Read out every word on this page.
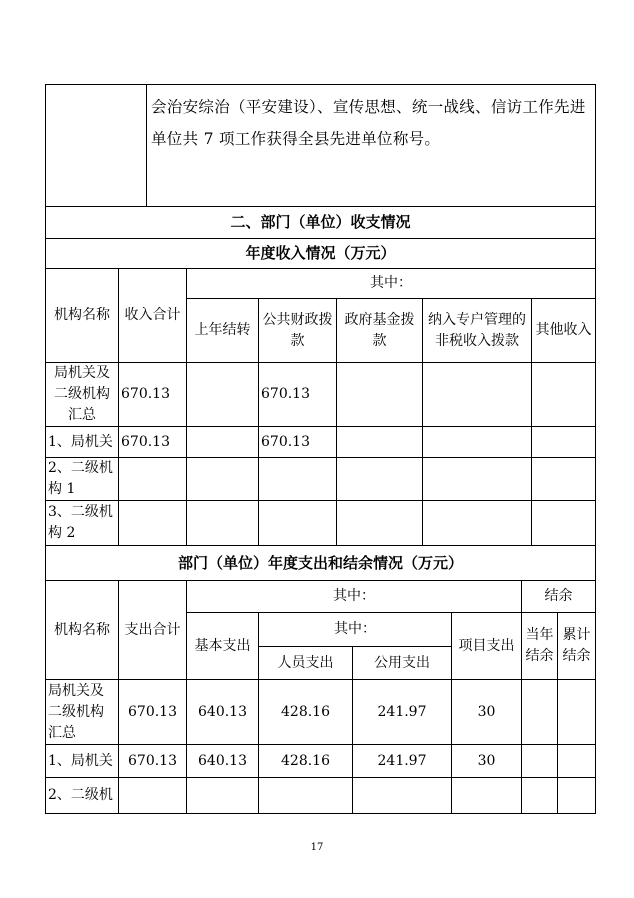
会治安综治（平安建设）、宣传思想、统一战线、信访工作先进
单位共 7 项工作获得全县先进单位称号。
二、部门（单位）收支情况						
年度收入情况（万元）						
机构名称	收入合计	其中：				
		上年结转	公共财政拨款	政府基金拨款	纳入专户管理的非税收入拨款	其他收入
局机关及二级机构汇总	670.13		670.13			
1、局机关	670.13		670.13			
2、二级机构 1						
3、二级机构 2						
部门（单位）年度支出和结余情况（万元）							
机构名称	支出合计	其中：				结余	
		基本支出	其中：		项目支出	当年结余	累计结余
			人员支出	公用支出			
局机关及二级机构汇总	670.13	640.13	428.16	241.97	30		
1、局机关	670.13	640.13	428.16	241.97	30		
2、二级机							
17
